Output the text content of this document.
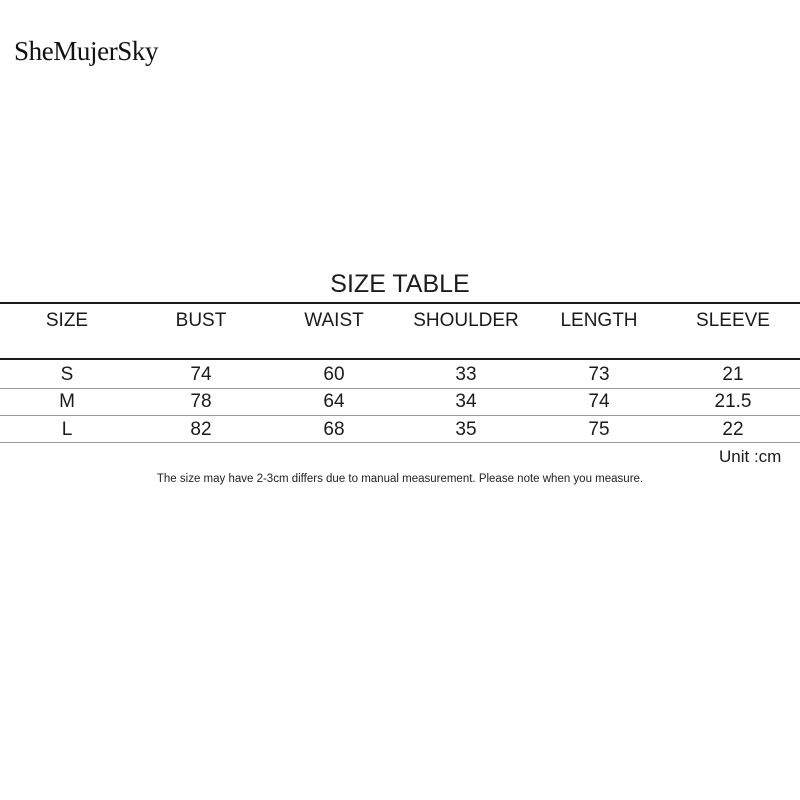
SheMujerSky
SIZE TABLE
SIZE	BUST	WAIST	SHOULDER	LENGTH	SLEEVE
S	74	60	33	73	21
M	78	64	34	74	21.5
L	82	68	35	75	22
Unit :cm
The size may have 2-3cm differs due to manual measurement. Please note when you measure.
